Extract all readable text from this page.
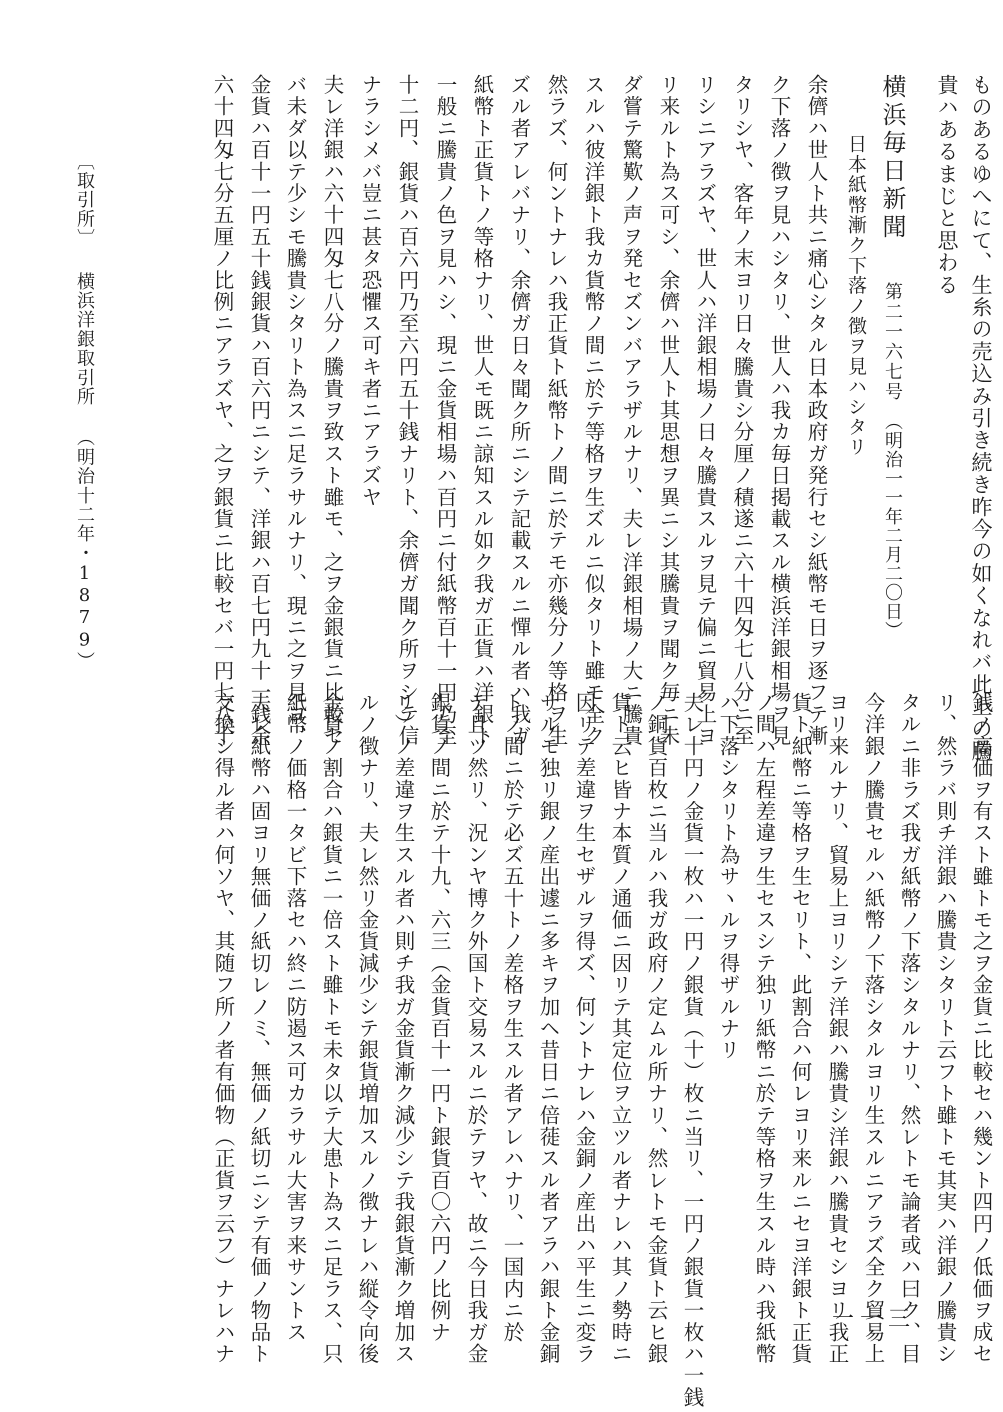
ものあるゆへにて、生糸の売込み引き続き昨今の如くなれバ此上の騰
貴ハあるまじと思わる
横浜毎日新聞第二一六七号（明治一一年二月二〇日）
日本紙幣漸ク下落ノ徴ヲ見ハシタリ
余儕ハ世人ト共ニ痛心シタル日本政府ガ発行セシ紙幣モ日ヲ逐フテ漸
ク下落ノ徴ヲ見ハシタリ、世人ハ我カ毎日掲載スル横浜洋銀相場ヲ見
タリシヤ、客年ノ末ヨリ日々騰貴シ分厘ノ積遂ニ六十四匁七八分ニ至
リシニアラズヤ、世人ハ洋銀相場ノ日々騰貴スルヲ見テ偏ニ貿易上ヨ
リ来ルト為ス可シ、余儕ハ世人ト其思想ヲ異ニシ其騰貴ヲ聞ク毎ニ未
ダ嘗テ驚歎ノ声ヲ発セズンバアラザルナリ、夫レ洋銀相場ノ大ニ騰貴
スルハ彼洋銀ト我カ貨幣ノ間ニ於テ等格ヲ生ズルニ似タリト雖モ全ク
然ラズ、何ントナレハ我正貨ト紙幣トノ間ニ於テモ亦幾分ノ等格ヲ生
ズル者アレバナリ、余儕ガ日々聞ク所ニシテ記載スルニ憚ル者ハ我ガ
紙幣ト正貨トノ等格ナリ、世人モ既ニ諒知スル如ク我ガ正貨ハ洋銀ト
一般ニ騰貴ノ色ヲ見ハシ、現ニ金貨相場ハ百円ニ付紙幣百十一円乃至
十二円、銀貨ハ百六円乃至六円五十銭ナリト、余儕ガ聞ク所ヲシテ信
ナラシメバ豈ニ甚タ恐懼ス可キ者ニアラズヤ
夫レ洋銀ハ六十四匁七八分ノ騰貴ヲ致スト雖モ、之ヲ金銀貨ニ比較セ
バ未ダ以テ少シモ騰貴シタリト為スニ足ラサルナリ、現ニ之ヲ見ヨ、
金貨ハ百十一円五十銭銀貨ハ百六円ニシテ、洋銀ハ百七円九十一銭余
六十四匁七分五厘ノ比例ニアラズヤ、之ヲ銀貨ニ比較セバ一円七八十
〔取引所〕横浜洋銀取引所（明治十二年・1879）
銭ノ高価ヲ有スト雖トモ之ヲ金貨ニ比較セハ幾ント四円ノ低価ヲ成セ
リ、然ラバ則チ洋銀ハ騰貴シタリト云フト雖トモ其実ハ洋銀ノ騰貴シ
タルニ非ラズ我ガ紙幣ノ下落シタルナリ、然レトモ論者或ハ曰ク、目
今洋銀ノ騰貴セルハ紙幣ノ下落シタルヨリ生スルニアラズ全ク貿易上
ヨリ来ルナリ、貿易上ヨリシテ洋銀ハ騰貴シ洋銀ハ騰貴セシヨリ我正
貨ト紙幣ニ等格ヲ生セリト、此割合ハ何レヨリ来ルニセヨ洋銀ト正貨
ノ間ハ左程差違ヲ生セスシテ独リ紙幣ニ於テ等格ヲ生スル時ハ我紙幣
ハ下落シタリト為サヽルヲ得ザルナリ
夫レ十円ノ金貨一枚ハ一円ノ銀貨（十）枚ニ当リ、一円ノ銀貨一枚ハ一銭
ノ銅貨百枚ニ当ルハ我ガ政府ノ定ムル所ナリ、然レトモ金貨ト云ヒ銀
貨ト云ヒ皆ナ本質ノ通価ニ因リテ其定位ヲ立ツル者ナレハ其ノ勢時ニ
因リテ差違ヲ生セザルヲ得ズ、何ントナレハ金銅ノ産出ハ平生ニ変ラ
サルモ独リ銀ノ産出遽ニ多キヲ加ヘ昔日ニ倍蓰スル者アラハ銀ト金銅
トノ間ニ於テ必ズ五十トノ差格ヲ生スル者アレハナリ、一国内ニ於
テ且ツ然リ、況ンヤ博ク外国ト交易スルニ於テヲヤ、故ニ今日我ガ金
銀貨ノ間ニ於テ十九、六三（金貨百十一円ト銀貨百〇六円ノ比例ナ
リ）ノ差違ヲ生スル者ハ則チ我ガ金貨漸ク減少シテ我銀貨漸ク増加ス
ルノ徴ナリ、夫レ然リ金貨減少シテ銀貨増加スルノ徴ナレハ縦令向後
金貨ノ割合ハ銀貨ニ一倍スト雖トモ未タ以テ大患ト為スニ足ラス、只
紙幣ノ価格一タビ下落セハ終ニ防遏ス可カラサル大害ヲ来サントス
夫レ紙幣ハ固ヨリ無価ノ紙切レノミ、無価ノ紙切ニシテ有価ノ物品ト
交換シ得ル者ハ何ソヤ、其随フ所ノ者有価物（正貨ヲ云フ）ナレハナ	一一三
